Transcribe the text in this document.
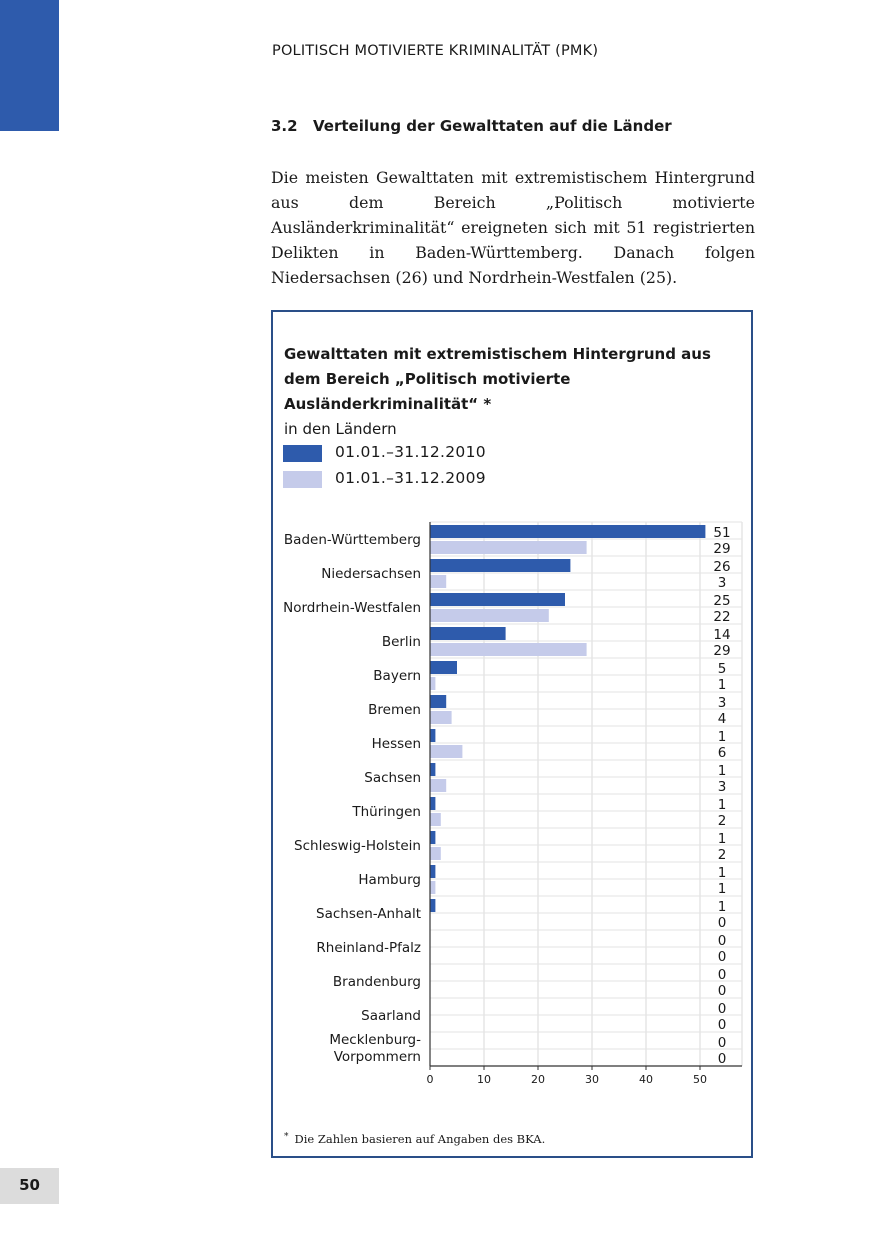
POLITISCH MOTIVIERTE KRIMINALITÄT (PMK)
3.2 Verteilung der Gewalttaten auf die Länder

Die meisten Gewalttaten mit extremistischem Hintergrund aus dem Bereich „Politisch motivierte Ausländerkriminalität“ ereigneten sich mit 51 registrierten Delikten in Baden-Württemberg. Danach folgen Niedersachsen (26) und Nordrhein-Westfalen (25).

Gewalttaten mit extremistischem Hintergrund aus dem Bereich „Politisch motivierte Ausländerkriminalität“ *
in den Ländern
01.01.–31.12.2010
01.01.–31.12.2009
51
29
Baden-Württemberg
26
3
Niedersachsen
25
22
Nordrhein-Westfalen
14
29
Berlin
5
1
Bayern
3
4
Bremen
1
6
Hessen
1
3
Sachsen
1
2
Thüringen
1
2
Schleswig-Holstein
1
1
Hamburg
1
0
Sachsen-Anhalt
0
0
Rheinland-Pfalz
0
0
Brandenburg
0
0
Saarland
0
0
Mecklenburg-
Vorpommern
0	10	20	30	40	50
* Die Zahlen basieren auf Angaben des BKA.
50
